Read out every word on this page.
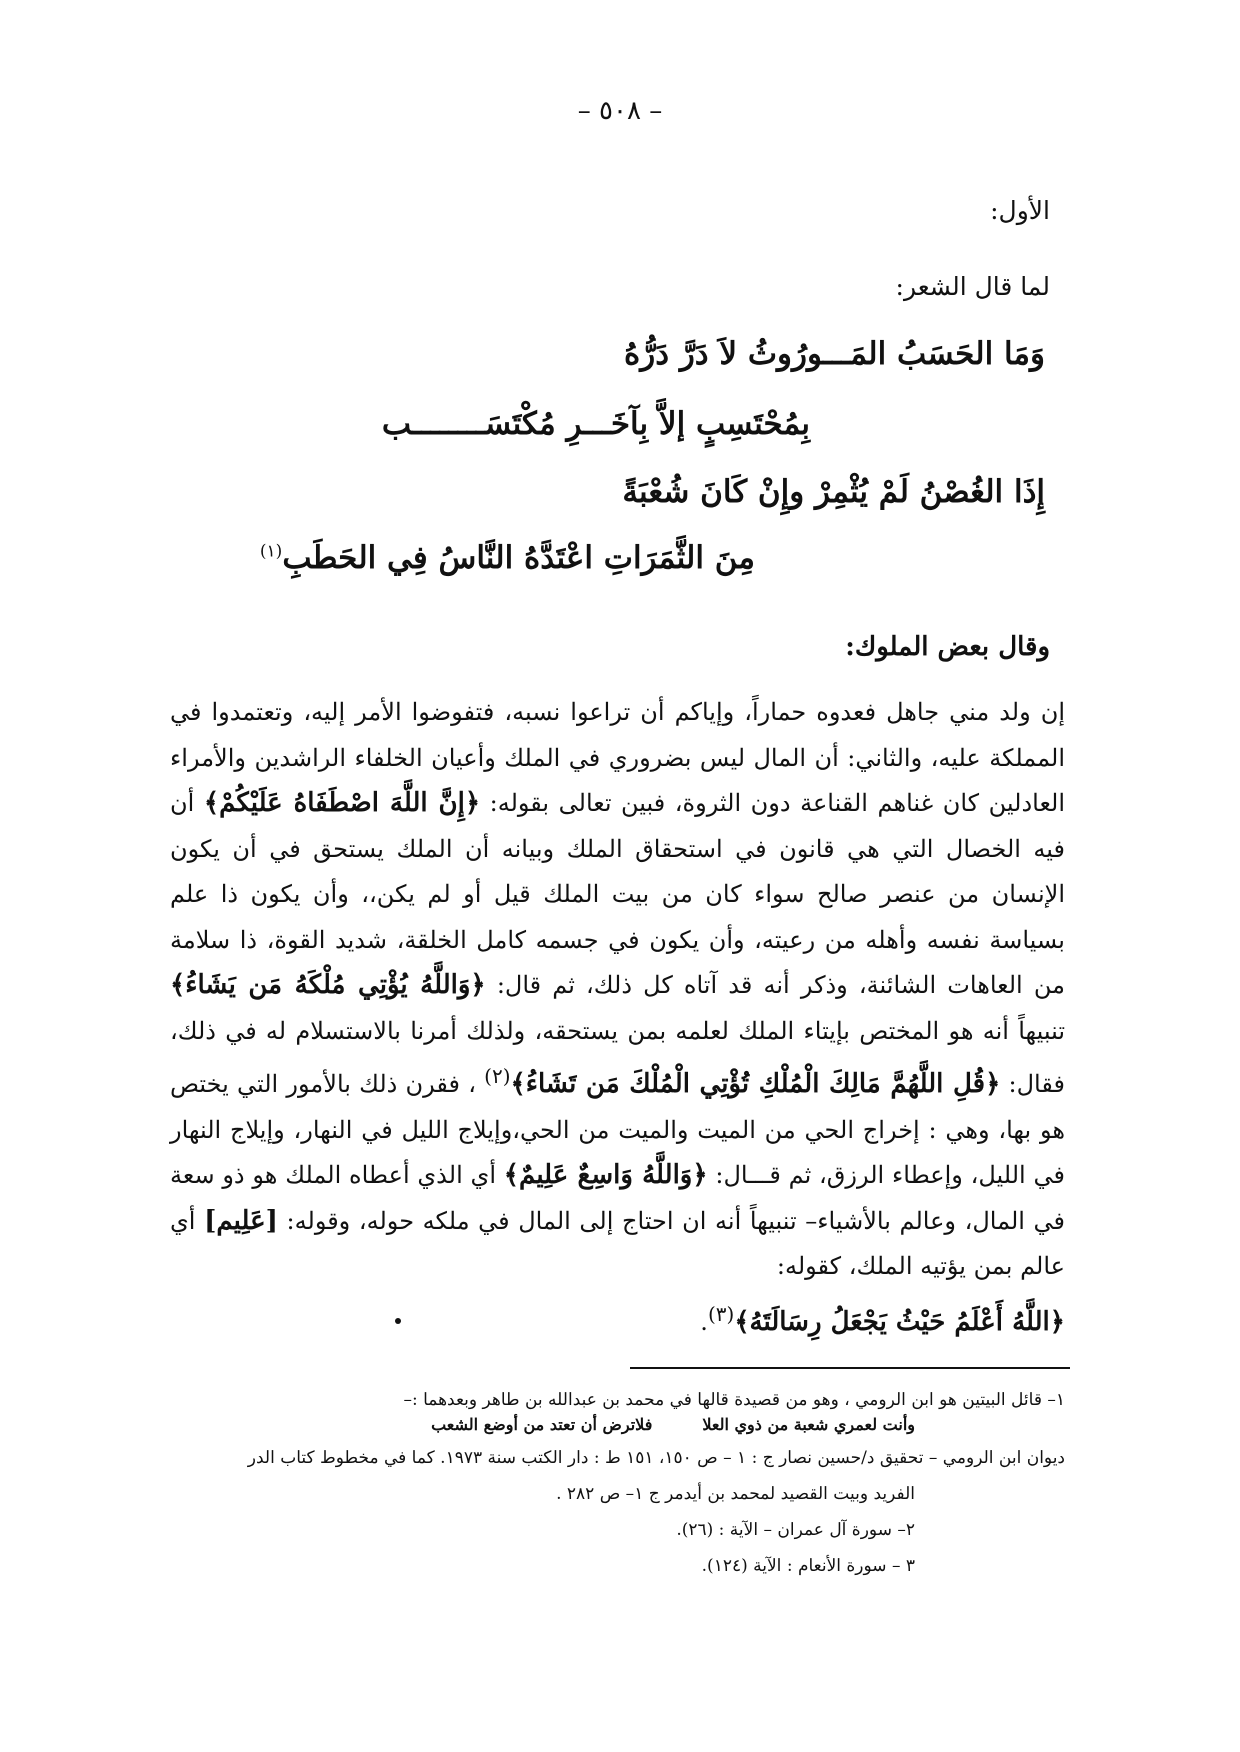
– ٥٠٨ –
الأول:
لما قال الشعر:
وَمَا الحَسَبُ المَـــورُوثُ لاَ دَرَّ دَرُّهُ
بِمُحْتَسِبٍ إلاَّ بِآخَـــرِ مُكْتَسَــــــــب
إِذَا الغُصْنُ لَمْ يُثْمِرْ وإِنْ كَانَ شُعْبَةً
مِنَ الثَّمَرَاتِ اعْتَدَّهُ النَّاسُ فِي الحَطَبِ$^{(١)}$
وقال بعض الملوك:

إن ولد مني جاهل فعدوه حماراً، وإياكم أن تراعوا نسبه، فتفوضوا الأمر إليه، وتعتمدوا في المملكة عليه، والثاني: أن المال ليس بضروري في الملك وأعيان الخلفاء الراشدين والأمراء العادلين كان غناهم القناعة دون الثروة، فبين تعالى بقوله: ﴿إِنَّ اللَّهَ اصْطَفَاهُ عَلَيْكُمْ﴾ أن فيه الخصال التي هي قانون في استحقاق الملك وبيانه أن الملك يستحق في أن يكون الإنسان من عنصر صالح سواء كان من بيت الملك قيل أو لم يكن،، وأن يكون ذا علم بسياسة نفسه وأهله من رعيته، وأن يكون في جسمه كامل الخلقة، شديد القوة، ذا سلامة من العاهات الشائنة، وذكر أنه قد آتاه كل ذلك، ثم قال: ﴿وَاللَّهُ يُؤْتِي مُلْكَهُ مَن يَشَاءُ﴾ تنبيهاً أنه هو المختص بإيتاء الملك لعلمه بمن يستحقه، ولذلك أمرنا بالاستسلام له في ذلك، فقال: ﴿قُلِ اللَّهُمَّ مَالِكَ الْمُلْكِ تُؤْتِي الْمُلْكَ مَن تَشَاءُ﴾$^{(٢)}$ ، فقرن ذلك بالأمور التي يختص هو بها، وهي : إخراج الحي من الميت والميت من الحي،وإيلاج الليل في النهار، وإيلاج النهار في الليل، وإعطاء الرزق، ثم قـــال: ﴿وَاللَّهُ وَاسِعٌ عَلِيمٌ﴾ أي الذي أعطاه الملك هو ذو سعة في المال، وعالم بالأشياء– تنبيهاً أنه ان احتاج إلى المال في ملكه حوله، وقوله: [عَلِيم] أي عالم بمن يؤتيه الملك، كقوله:

﴿اللَّهُ أَعْلَمُ حَيْثُ يَجْعَلُ رِسَالَتَهُ﴾$^{(٣)}$.

١– قائل البيتين هو ابن الرومي ، وهو من قصيدة قالها في محمد بن عبدالله بن طاهر وبعدهما :–
وأنت لعمري شعبة من ذوي العلا
فلاترض أن تعتد من أوضع الشعب
ديوان ابن الرومي – تحقيق د/حسين نصار ج : ١ – ص ١٥٠، ١٥١ ط : دار الكتب سنة ١٩٧٣. كما في مخطوط كتاب الدر
الفريد وبيت القصيد لمحمد بن أيدمر ج ١– ص ٢٨٢ .
٢– سورة آل عمران – الآية : (٢٦).
٣ – سورة الأنعام : الآية (١٢٤).
